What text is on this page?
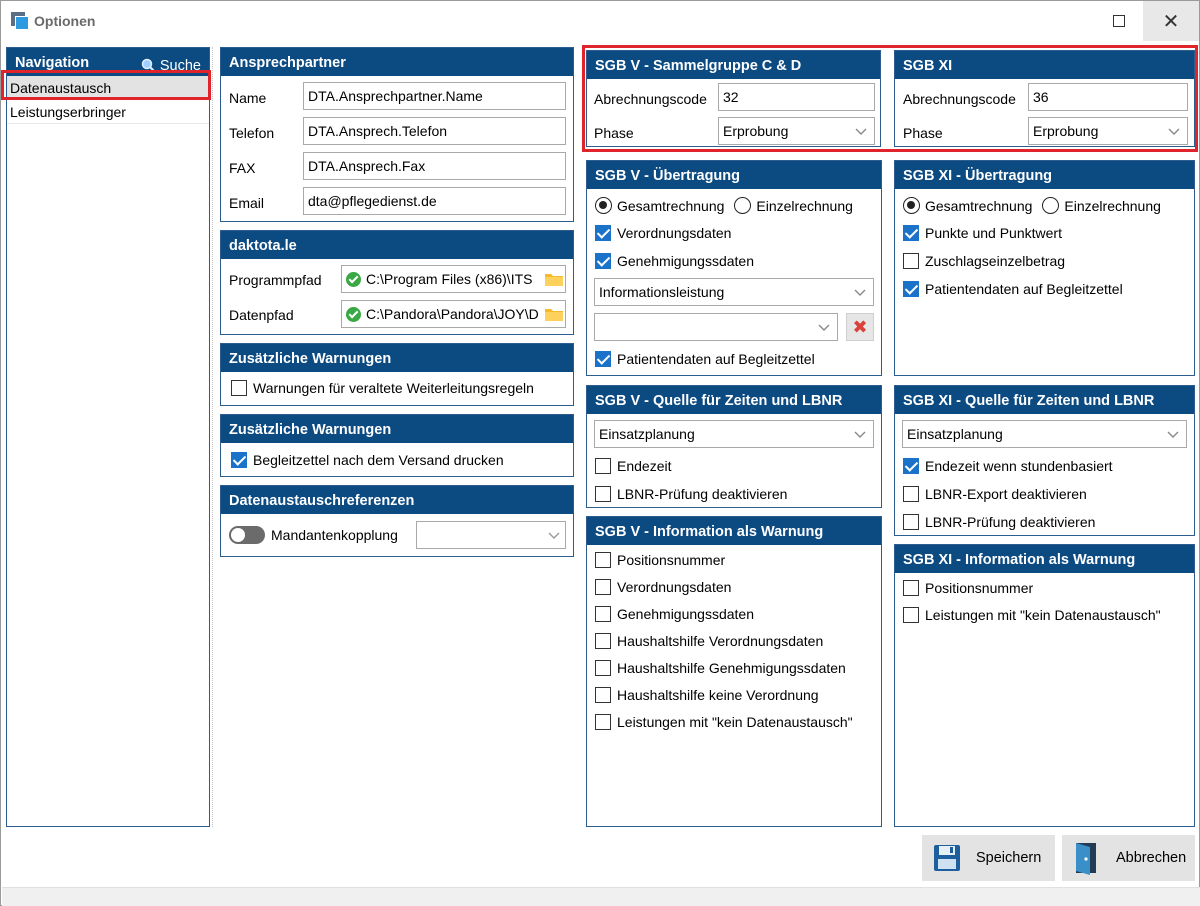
Optionen	✕
Navigation	Suche
Datenaustausch
Leistungserbringer
Ansprechpartner
Name	DTA.Ansprechpartner.Name
Telefon	DTA.Ansprech.Telefon
FAX	DTA.Ansprech.Fax
Email	dta@pflegedienst.de
daktota.le
Programmpfad	C:\Program Files (x86)\ITS
Datenpfad	C:\Pandora\Pandora\JOY\D
Zusätzliche Warnungen
Warnungen für veraltete Weiterleitungsregeln
Zusätzliche Warnungen
Begleitzettel nach dem Versand drucken
Datenaustauschreferenzen
Mandantenkopplung
SGB V - Sammelgruppe C & D
Abrechnungscode	32
Phase	Erprobung
SGB XI
Abrechnungscode	36
Phase	Erprobung
SGB V - Übertragung
Gesamtrechnung Einzelrechnung
Verordnungsdaten
Genehmigungssdaten
Informationsleistung
✖
Patientendaten auf Begleitzettel
SGB XI - Übertragung
Gesamtrechnung Einzelrechnung
Punkte und Punktwert
Zuschlagseinzelbetrag
Patientendaten auf Begleitzettel
SGB V - Quelle für Zeiten und LBNR
Einsatzplanung
Endezeit
LBNR-Prüfung deaktivieren
SGB XI - Quelle für Zeiten und LBNR
Einsatzplanung
Endezeit wenn stundenbasiert
LBNR-Export deaktivieren
LBNR-Prüfung deaktivieren
SGB V - Information als Warnung
Positionsnummer
Verordnungsdaten
Genehmigungssdaten
Haushaltshilfe Verordnungsdaten
Haushaltshilfe Genehmigungssdaten
Haushaltshilfe keine Verordnung
Leistungen mit "kein Datenaustausch"
SGB XI - Information als Warnung
Positionsnummer
Leistungen mit "kein Datenaustausch"
Speichern	Abbrechen
